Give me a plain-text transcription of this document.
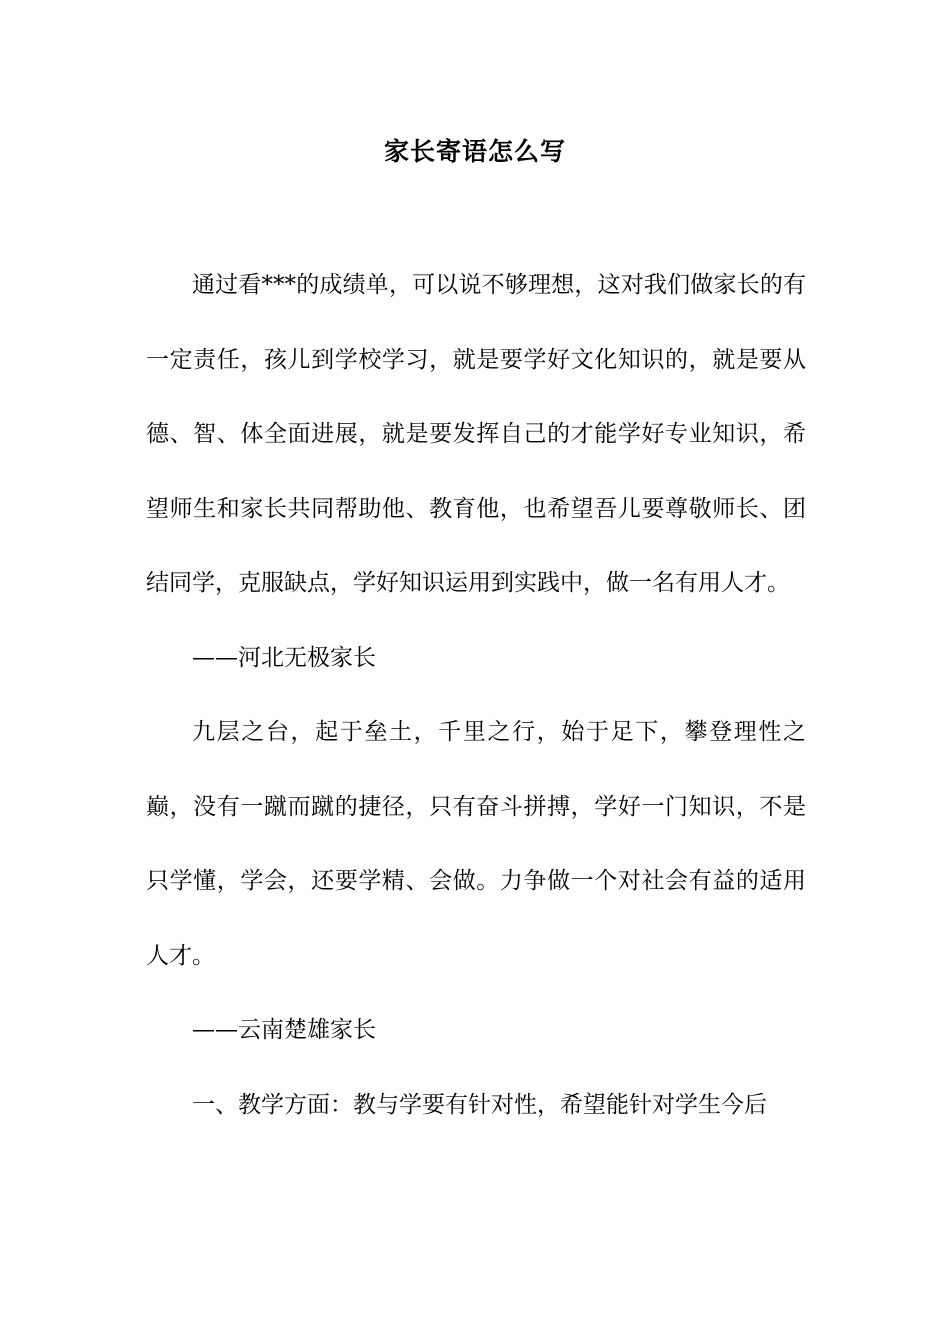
家长寄语怎么写

通过看***的成绩单，可以说不够理想，这对我们做家长的有一定责任，孩儿到学校学习，就是要学好文化知识的，就是要从德、智、体全面进展，就是要发挥自己的才能学好专业知识，希望师生和家长共同帮助他、教育他，也希望吾儿要尊敬师长、团结同学，克服缺点，学好知识运用到实践中，做一名有用人才。

——河北无极家长

九层之台，起于垒土，千里之行，始于足下，攀登理性之巅，没有一蹴而蹴的捷径，只有奋斗拼搏，学好一门知识，不是只学懂，学会，还要学精、会做。力争做一个对社会有益的适用人才。

——云南楚雄家长

一、教学方面：教与学要有针对性，希望能针对学生今后
